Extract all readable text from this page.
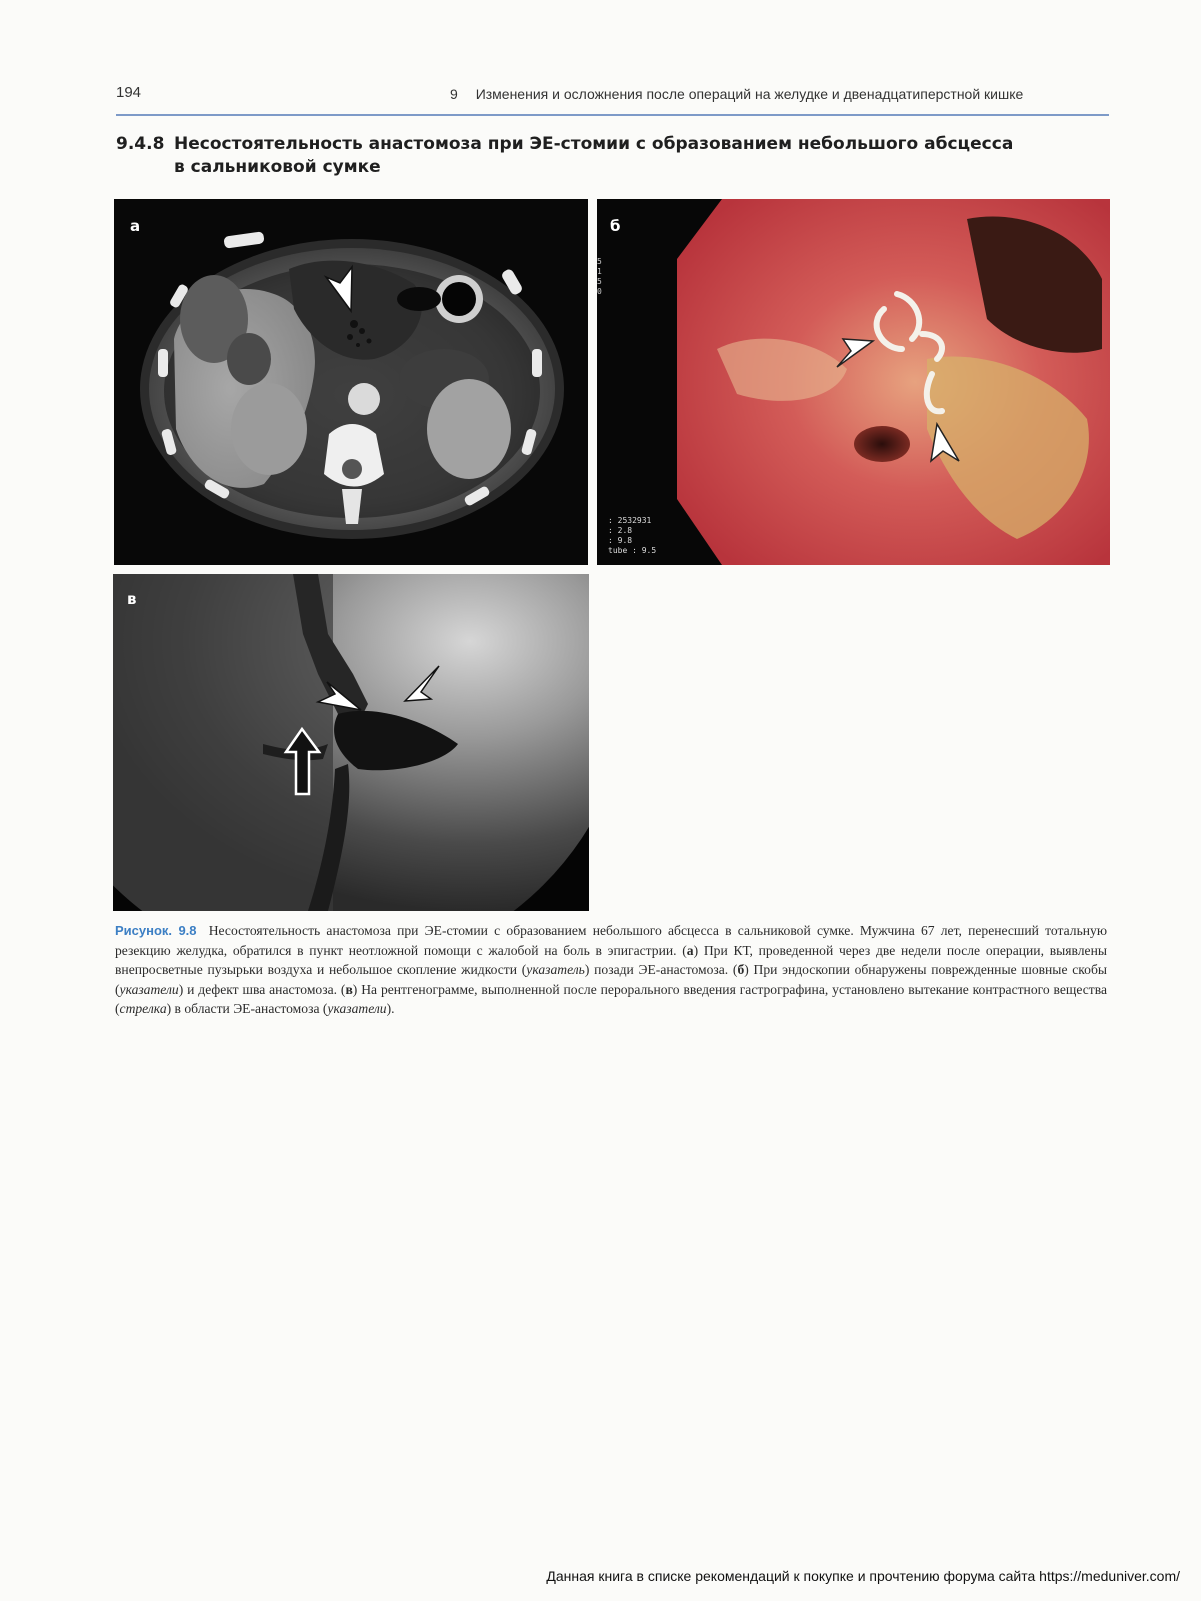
194	9 Изменения и осложнения после операций на желудке и двенадцатиперстной кишке
9.4.8 Несостоятельность анастомоза при ЭЕ-стомии с образованием небольшого абсцесса
в сальниковой сумке
а
5
1
5
0
: 2532931
: 2.8
: 9.8
tube : 9.5
б
в
Рисунок. 9.8 Несостоятельность анастомоза при ЭЕ-стомии с образованием небольшого абсцесса в сальниковой сумке. Мужчина 67 лет, перенесший тотальную резекцию желудка, обратился в пункт неотложной помощи с жалобой на боль в эпигастрии. (а) При КТ, проведенной через две недели после операции, выявлены внепросветные пузырьки воздуха и небольшое скопление жидкости (указатель) позади ЭЕ-анастомоза. (б) При эндоскопии обнаружены поврежденные шовные скобы (указатели) и дефект шва анастомоза. (в) На рентгенограмме, выполненной после перорального введения гастрографина, установлено вытекание контрастного вещества (стрелка) в области ЭЕ-анастомоза (указатели).
Данная книга в списке рекомендаций к покупке и прочтению форума сайта https://meduniver.com/
